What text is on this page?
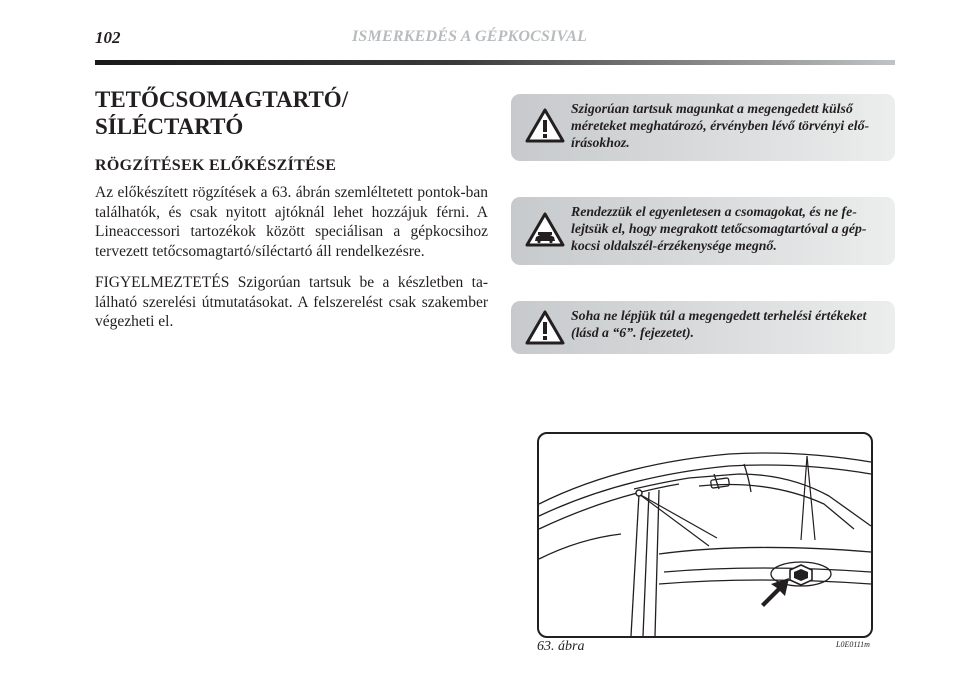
102	ISMERKEDÉS A GÉPKOCSIVAL
TETŐCSOMAGTARTÓ/
SÍLÉCTARTÓ
RÖGZÍTÉSEK ELŐKÉSZÍTÉSE

Az előkészített rögzítések a 63. ábrán szemléltetett pontok-ban találhatók, és csak nyitott ajtóknál lehet hozzájuk férni. A Lineaccessori tartozékok között speciálisan a gépkocsihoz tervezett tetőcsomagtartó/síléctartó áll rendelkezésre.

FIGYELMEZTETÉS Szigorúan tartsuk be a készletben ta-lálható szerelési útmutatásokat. A felszerelést csak szakember végezheti el.

Szigorúan tartsuk magunkat a megengedett külső méreteket meghatározó, érvényben lévő törvényi elő-írásokhoz.
Rendezzük el egyenletesen a csomagokat, és ne fe-lejtsük el, hogy megrakott tetőcsomagtartóval a gép-kocsi oldalszél-érzékenysége megnő.
Soha ne lépjük túl a megengedett terhelési értékeket (lásd a “6”. fejezetet).
63. ábra	L0E0111m
